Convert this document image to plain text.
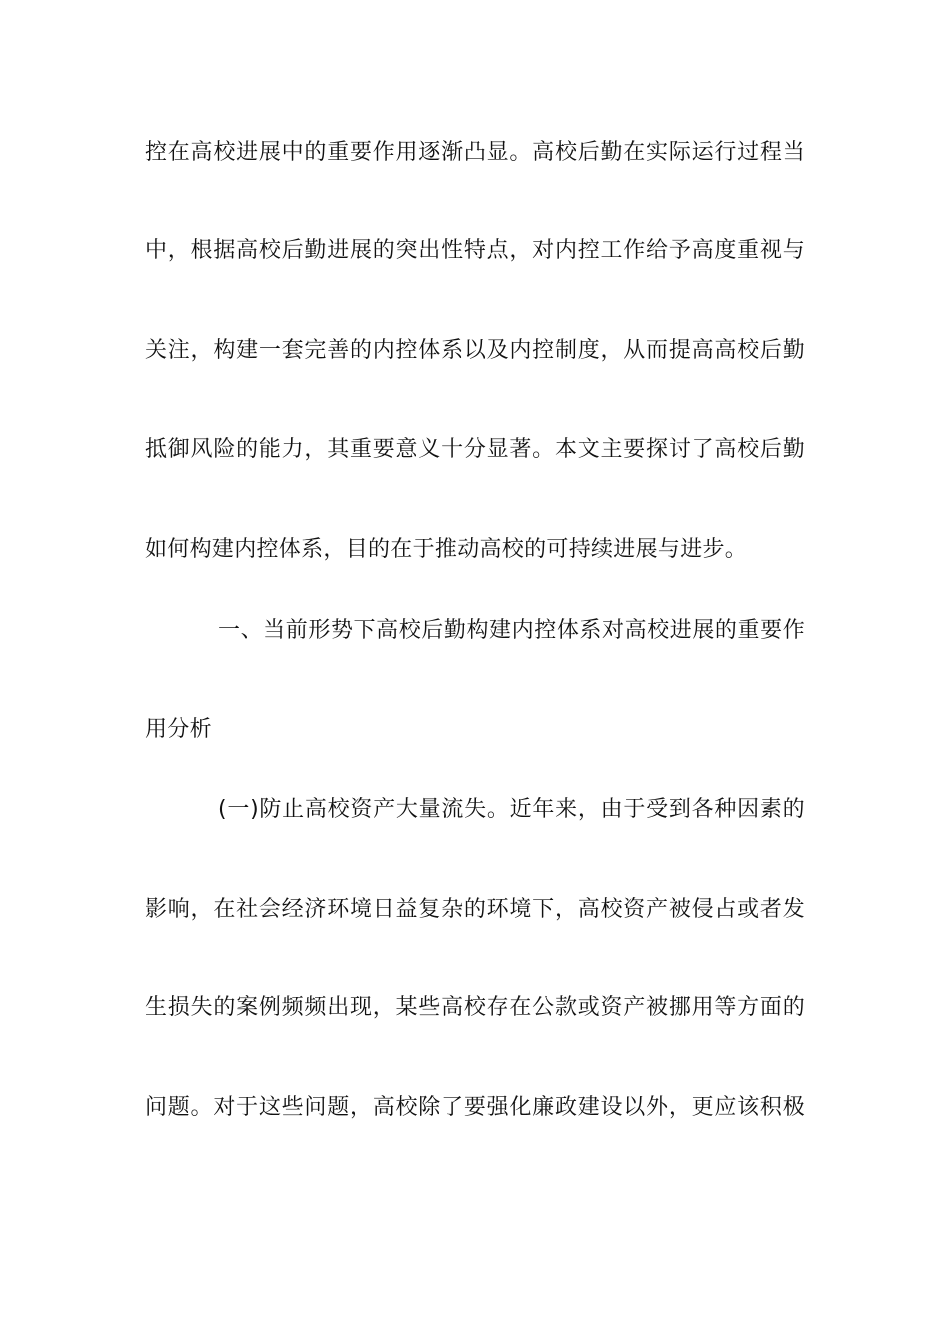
控在高校进展中的重要作用逐渐凸显。高校后勤在实际运行过程当
中，根据高校后勤进展的突出性特点，对内控工作给予高度重视与
关注，构建一套完善的内控体系以及内控制度，从而提高高校后勤
抵御风险的能力，其重要意义十分显著。本文主要探讨了高校后勤
如何构建内控体系，目的在于推动高校的可持续进展与进步。
一、当前形势下高校后勤构建内控体系对高校进展的重要作
用分析
(一)防止高校资产大量流失。近年来，由于受到各种因素的
影响，在社会经济环境日益复杂的环境下，高校资产被侵占或者发
生损失的案例频频出现，某些高校存在公款或资产被挪用等方面的
问题。对于这些问题，高校除了要强化廉政建设以外，更应该积极
